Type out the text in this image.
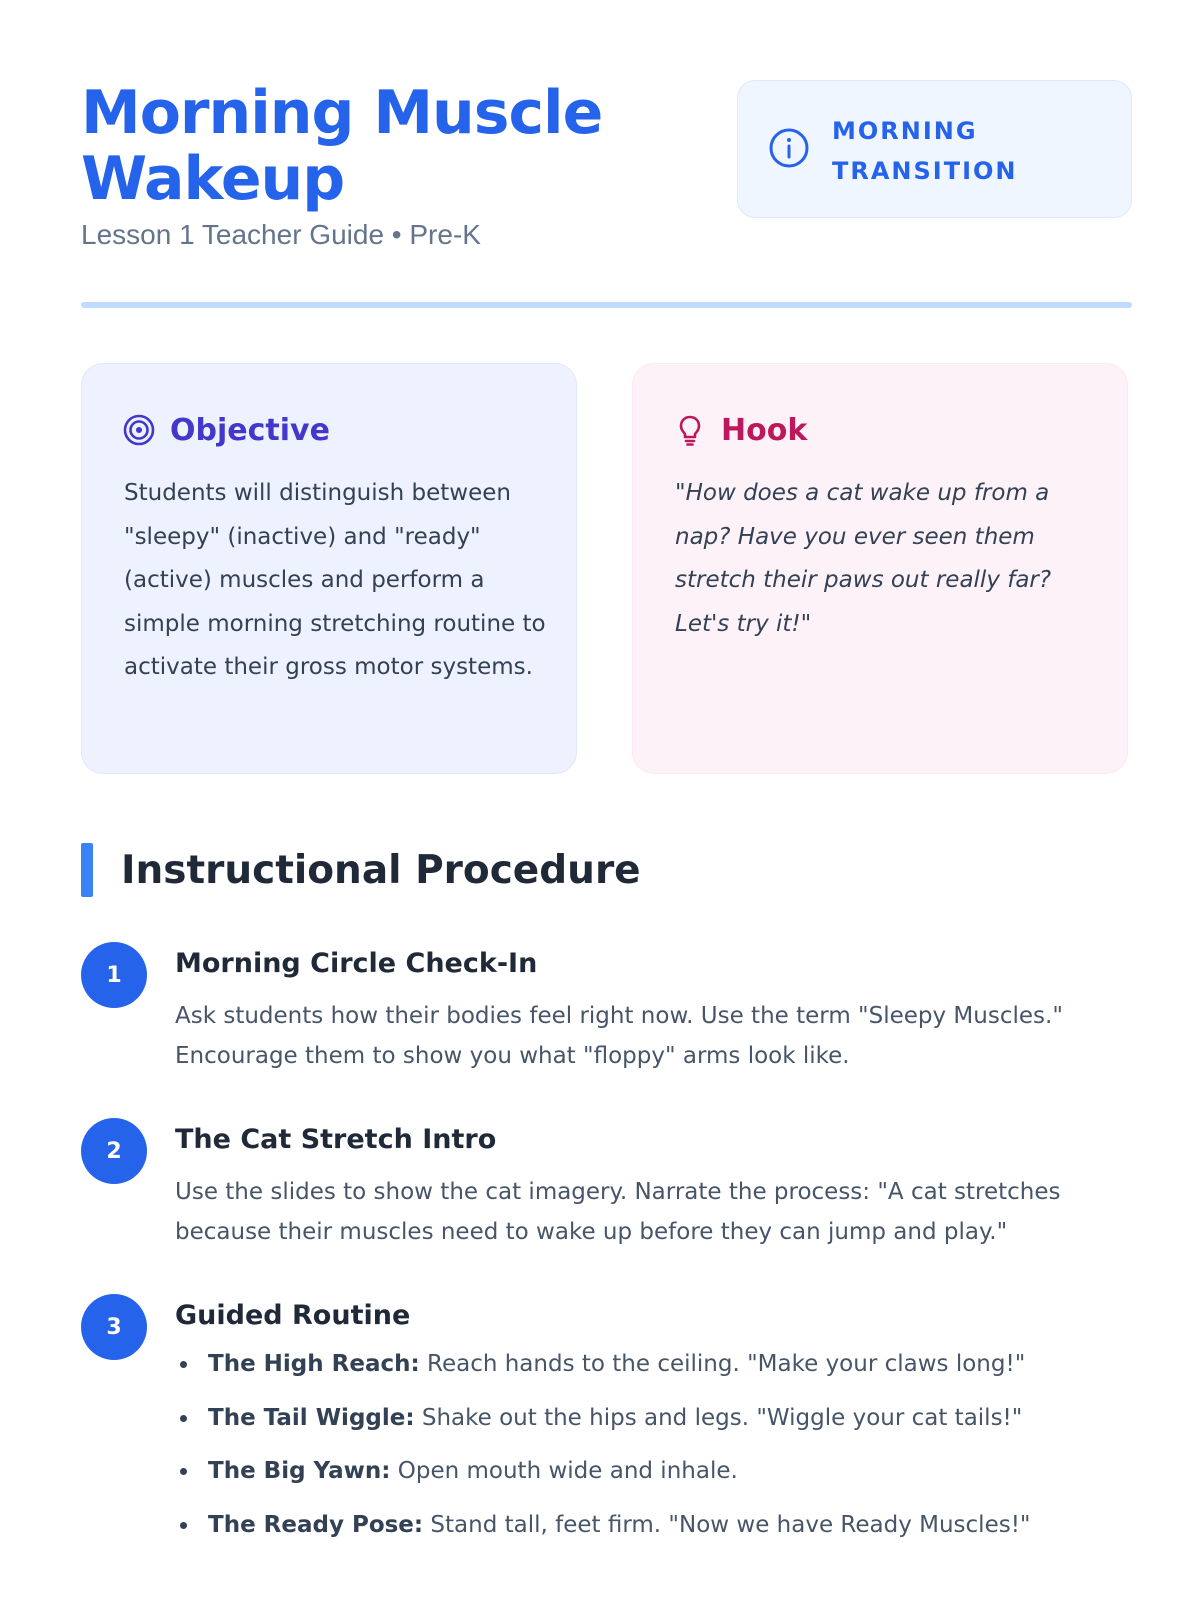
Morning Muscle Wakeup
Lesson 1 Teacher Guide • Pre-K
MORNING TRANSITION
Objective

Students will distinguish between "sleepy" (inactive) and "ready" (active) muscles and perform a simple morning stretching routine to activate their gross motor systems.

Hook

"How does a cat wake up from a nap? Have you ever seen them stretch their paws out really far? Let's try it!"

Instructional Procedure
1	Morning Circle Check-In

Ask students how their bodies feel right now. Use the term "Sleepy Muscles." Encourage them to show you what "floppy" arms look like.

2	The Cat Stretch Intro

Use the slides to show the cat imagery. Narrate the process: "A cat stretches because their muscles need to wake up before they can jump and play."

3	Guided Routine
The High Reach: Reach hands to the ceiling. "Make your claws long!"
The Tail Wiggle: Shake out the hips and legs. "Wiggle your cat tails!"
The Big Yawn: Open mouth wide and inhale.
The Ready Pose: Stand tall, feet firm. "Now we have Ready Muscles!"
